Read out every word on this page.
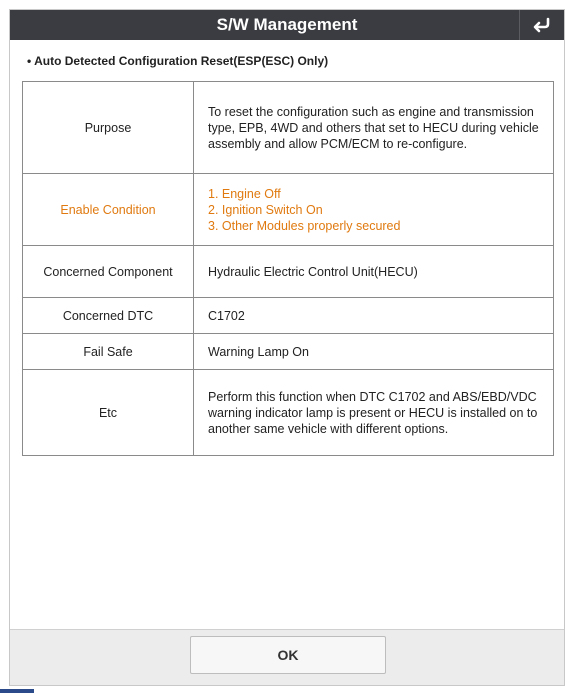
S/W Management
• Auto Detected Configuration Reset(ESP(ESC) Only)
Purpose	To reset the configuration such as engine and transmission type, EPB, 4WD and others that set to HECU during vehicle assembly and allow PCM/ECM to re-configure.
Enable Condition	1. Engine Off
2. Ignition Switch On
3. Other Modules properly secured

Concerned Component	Hydraulic Electric Control Unit(HECU)
Concerned DTC	C1702
Fail Safe	Warning Lamp On
Etc	Perform this function when DTC C1702 and ABS/EBD/VDC warning indicator lamp is present or HECU is installed on to another same vehicle with different options.
OK
